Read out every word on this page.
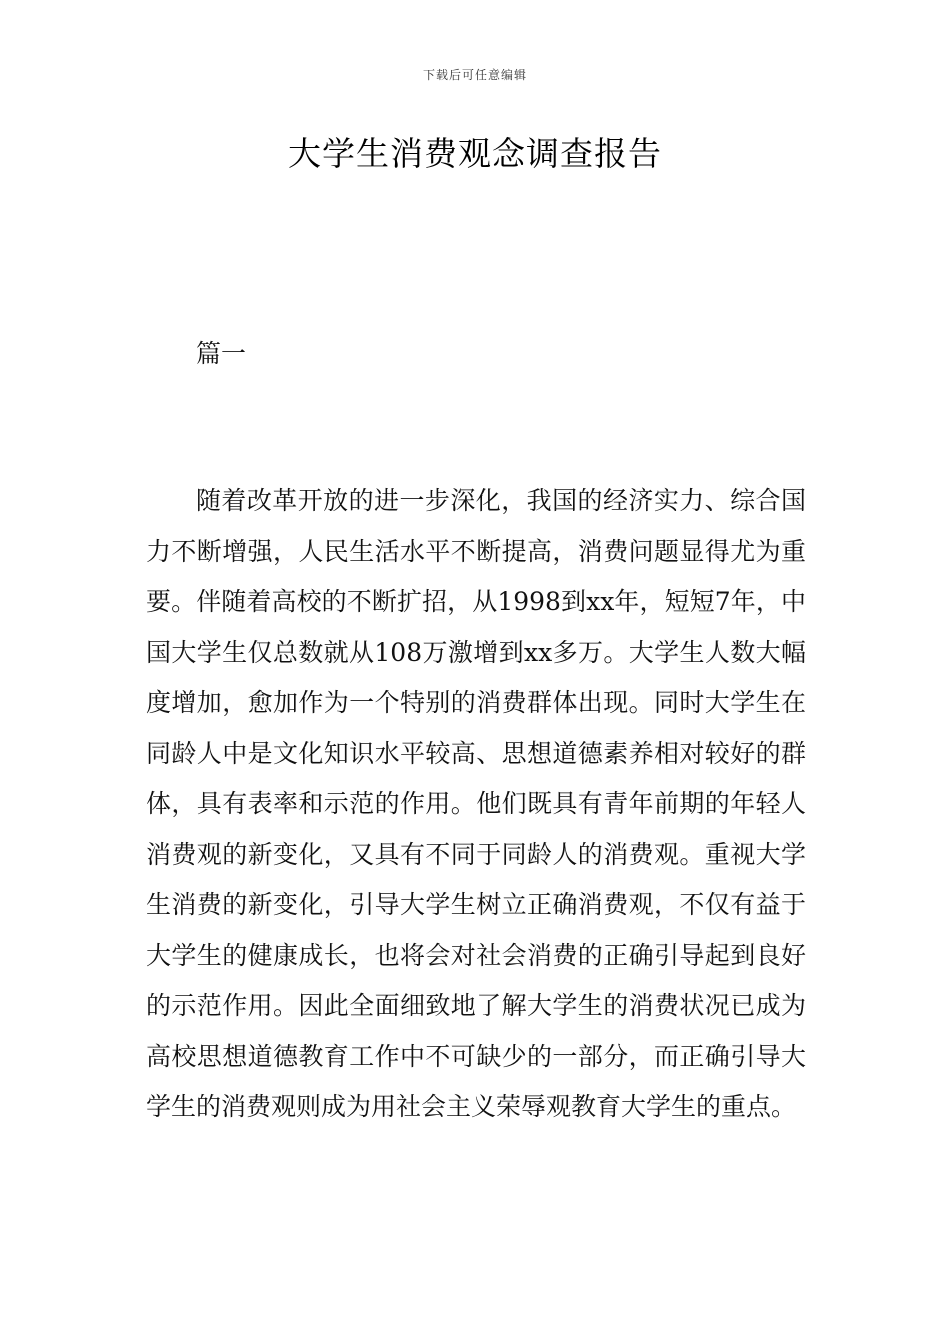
下载后可任意编辑
大学生消费观念调查报告
篇一

随着改革开放的进一步深化，我国的经济实力、综合国力不断增强，人民生活水平不断提高，消费问题显得尤为重要。伴随着高校的不断扩招，从1998到xx年，短短7年，中国大学生仅总数就从108万激增到xx多万。大学生人数大幅度增加，愈加作为一个特别的消费群体出现。同时大学生在同龄人中是文化知识水平较高、思想道德素养相对较好的群体，具有表率和示范的作用。他们既具有青年前期的年轻人消费观的新变化，又具有不同于同龄人的消费观。重视大学生消费的新变化，引导大学生树立正确消费观，不仅有益于大学生的健康成长，也将会对社会消费的正确引导起到良好的示范作用。因此全面细致地了解大学生的消费状况已成为高校思想道德教育工作中不可缺少的一部分，而正确引导大学生的消费观则成为用社会主义荣辱观教育大学生的重点。
